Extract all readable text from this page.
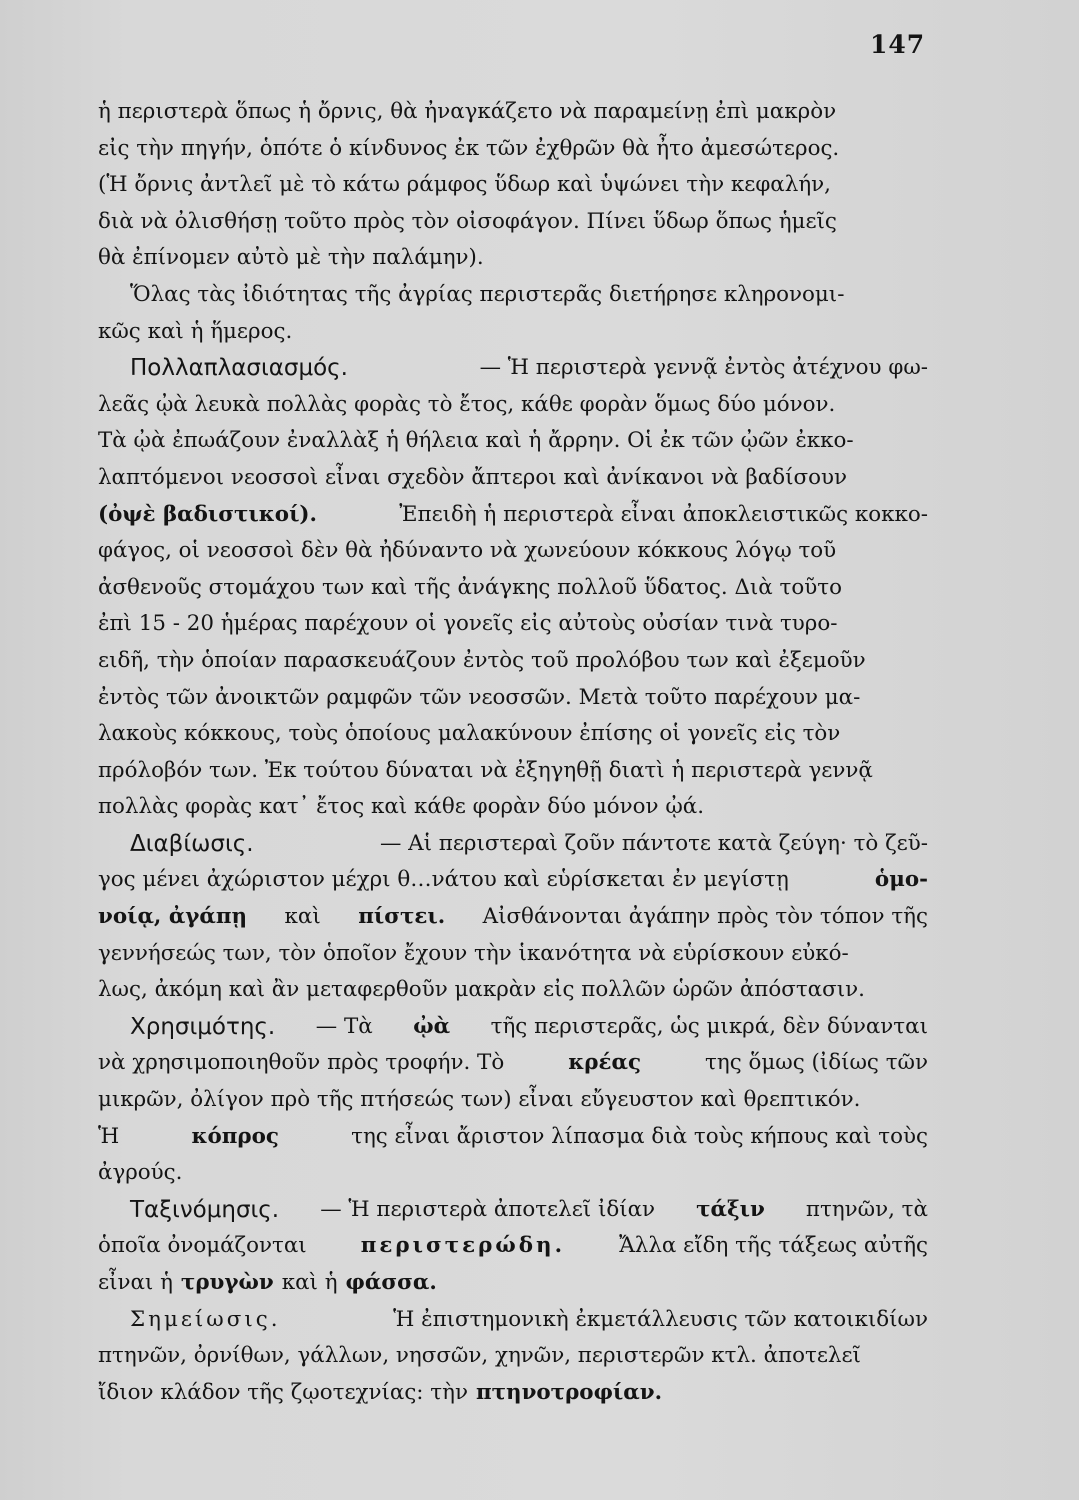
147
ἡ περιστερὰ ὅπως ἡ ὄρνις, θὰ ἠναγκάζετο νὰ παραμείνῃ ἐπὶ μακρὸν
εἰς τὴν πηγήν, ὁπότε ὁ κίνδυνος ἐκ τῶν ἐχθρῶν θὰ ἦτο ἀμεσώτερος.
(Ἡ ὄρνις ἀντλεῖ μὲ τὸ κάτω ράμφος ὕδωρ καὶ ὑψώνει τὴν κεφαλήν,
διὰ νὰ ὀλισθήσῃ τοῦτο πρὸς τὸν οἰσοφάγον. Πίνει ὕδωρ ὅπως ἡμεῖς
θὰ ἐπίνομεν αὐτὸ μὲ τὴν παλάμην).
Ὅλας τὰς ἰδιότητας τῆς ἀγρίας περιστερᾶς διετήρησε κληρονομι-
κῶς καὶ ἡ ἥμερος.
Πολλαπλασιασμός.	— Ἡ περιστερὰ γεννᾷ ἐντὸς ἀτέχνου φω-
λεᾶς ᾠὰ λευκὰ πολλὰς φορὰς τὸ ἔτος, κάθε φορὰν ὅμως δύο μόνον.
Τὰ ᾠὰ ἐπωάζουν ἐναλλὰξ ἡ θήλεια καὶ ἡ ἄρρην. Οἱ ἐκ τῶν ᾠῶν ἐκκο-
λαπτόμενοι νεοσσοὶ εἶναι σχεδὸν ἄπτεροι καὶ ἀνίκανοι νὰ βαδίσουν
(ὀψὲ βαδιστικοί).	Ἐπειδὴ ἡ περιστερὰ εἶναι ἀποκλειστικῶς κοκκο-
φάγος, οἱ νεοσσοὶ δὲν θὰ ἠδύναντο νὰ χωνεύουν κόκκους λόγῳ τοῦ
ἀσθενοῦς στομάχου των καὶ τῆς ἀνάγκης πολλοῦ ὕδατος. Διὰ τοῦτο
ἐπὶ 15 - 20 ἡμέρας παρέχουν οἱ γονεῖς εἰς αὐτοὺς οὐσίαν τινὰ τυρο-
ειδῆ, τὴν ὁποίαν παρασκευάζουν ἐντὸς τοῦ προλόβου των καὶ ἐξεμοῦν
ἐντὸς τῶν ἀνοικτῶν ραμφῶν τῶν νεοσσῶν. Μετὰ τοῦτο παρέχουν μα-
λακοὺς κόκκους, τοὺς ὁποίους μαλακύνουν ἐπίσης οἱ γονεῖς εἰς τὸν
πρόλοβόν των. Ἐκ τούτου δύναται νὰ ἐξηγηθῇ διατὶ ἡ περιστερὰ γεννᾷ
πολλὰς φορὰς κατ᾽ ἔτος καὶ κάθε φορὰν δύο μόνον ᾠά.
Διαβίωσις.	— Αἱ περιστεραὶ ζοῦν πάντοτε κατὰ ζεύγη· τὸ ζεῦ-
γος μένει ἀχώριστον μέχρι θ…νάτου καὶ εὑρίσκεται ἐν μεγίστῃ	ὁμο-
νοίᾳ, ἀγάπῃ καὶ πίστει. Αἰσθάνονται ἀγάπην πρὸς τὸν τόπον τῆς
γεννήσεώς των, τὸν ὁποῖον ἔχουν τὴν ἱκανότητα νὰ εὑρίσκουν εὐκό-
λως, ἀκόμη καὶ ἂν μεταφερθοῦν μακρὰν εἰς πολλῶν ὡρῶν ἀπόστασιν.
Χρησιμότης. — Τὰ ᾠὰ τῆς περιστερᾶς, ὡς μικρά, δὲν δύνανται
νὰ χρησιμοποιηθοῦν πρὸς τροφήν. Τὸ	κρέας	της ὅμως (ἰδίως τῶν
μικρῶν, ὀλίγον πρὸ τῆς πτήσεώς των) εἶναι εὔγευστον καὶ θρεπτικόν.
Ἡ	κόπρος	της εἶναι ἄριστον λίπασμα διὰ τοὺς κήπους καὶ τοὺς
ἀγρούς.
Ταξινόμησις. — Ἡ περιστερὰ ἀποτελεῖ ἰδίαν τάξιν πτηνῶν, τὰ
ὁποῖα ὀνομάζονται	περιστερώδη.	Ἄλλα εἴδη τῆς τάξεως αὐτῆς
εἶναι ἡ τρυγὼν καὶ ἡ φάσσα.
Σημείωσις.	Ἡ ἐπιστημονικὴ ἐκμετάλλευσις τῶν κατοικιδίων
πτηνῶν, ὀρνίθων, γάλλων, νησσῶν, χηνῶν, περιστερῶν κτλ. ἀποτελεῖ
ἴδιον κλάδον τῆς ζῳοτεχνίας: τὴν πτηνοτροφίαν.
